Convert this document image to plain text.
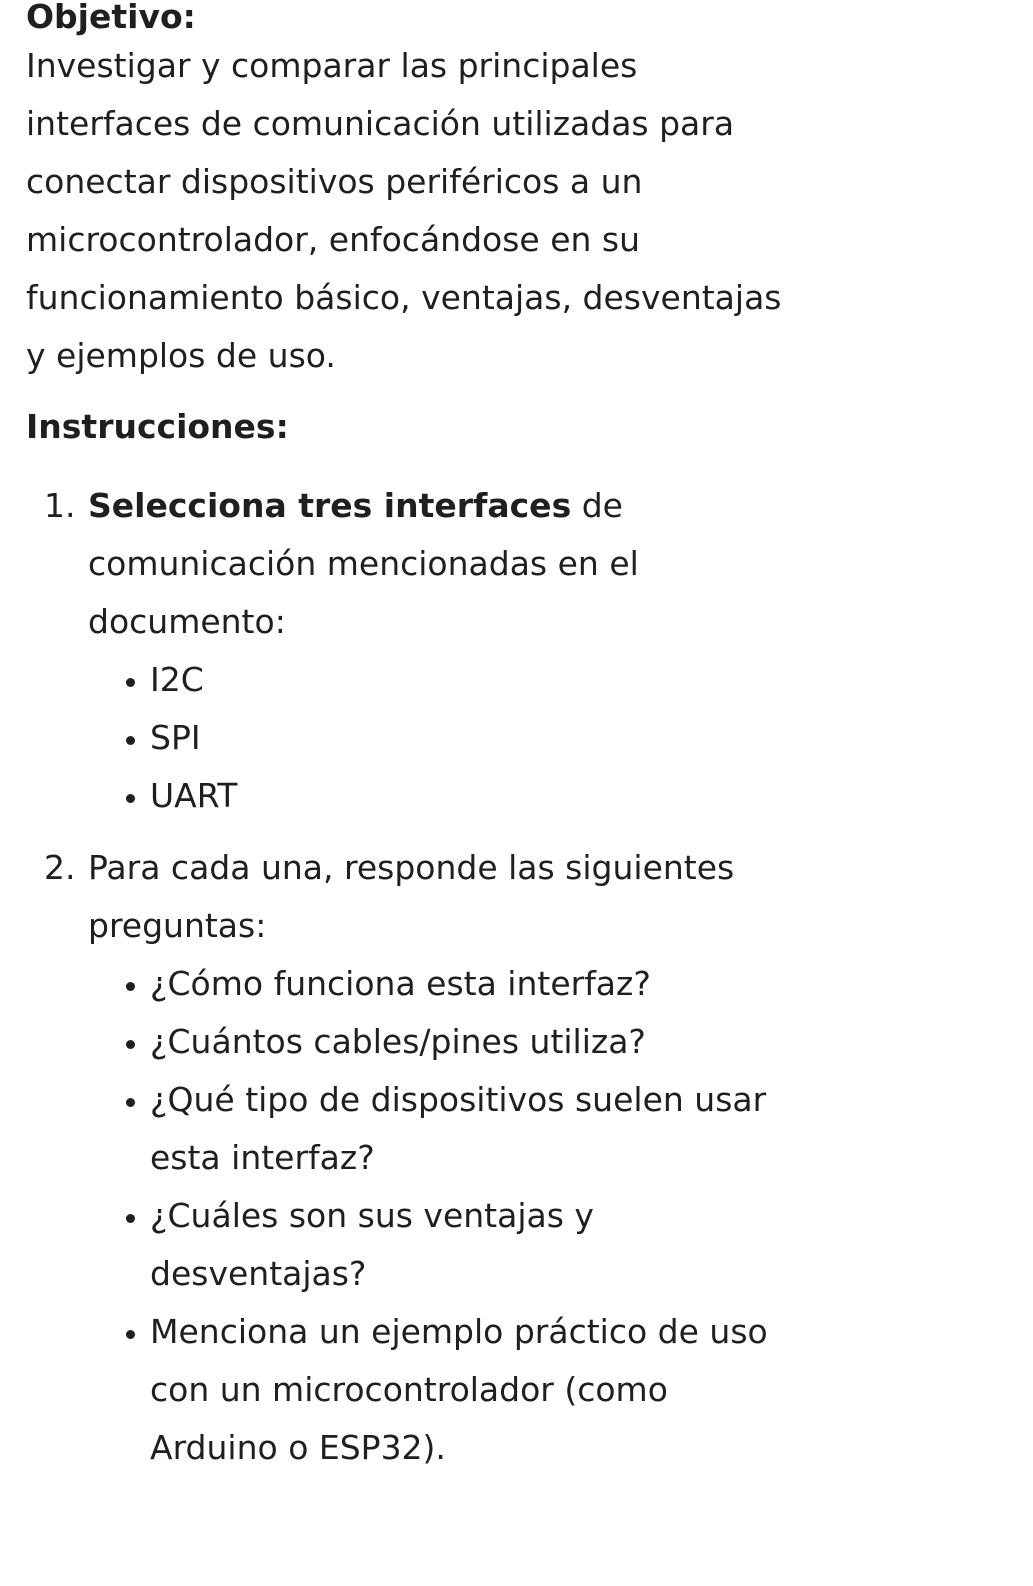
Objetivo:

Investigar y comparar las principales
interfaces de comunicación utilizadas para
conectar dispositivos periféricos a un
microcontrolador, enfocándose en su
funcionamiento básico, ventajas, desventajas
y ejemplos de uso.

Instrucciones:
1. Selecciona tres interfaces de
comunicación mencionadas en el
documento:
I2C
SPI
UART
2. Para cada una, responde las siguientes
preguntas:
¿Cómo funciona esta interfaz?
¿Cuántos cables/pines utiliza?
¿Qué tipo de dispositivos suelen usar
esta interfaz?
¿Cuáles son sus ventajas y
desventajas?
Menciona un ejemplo práctico de uso
con un microcontrolador (como
Arduino o ESP32).
